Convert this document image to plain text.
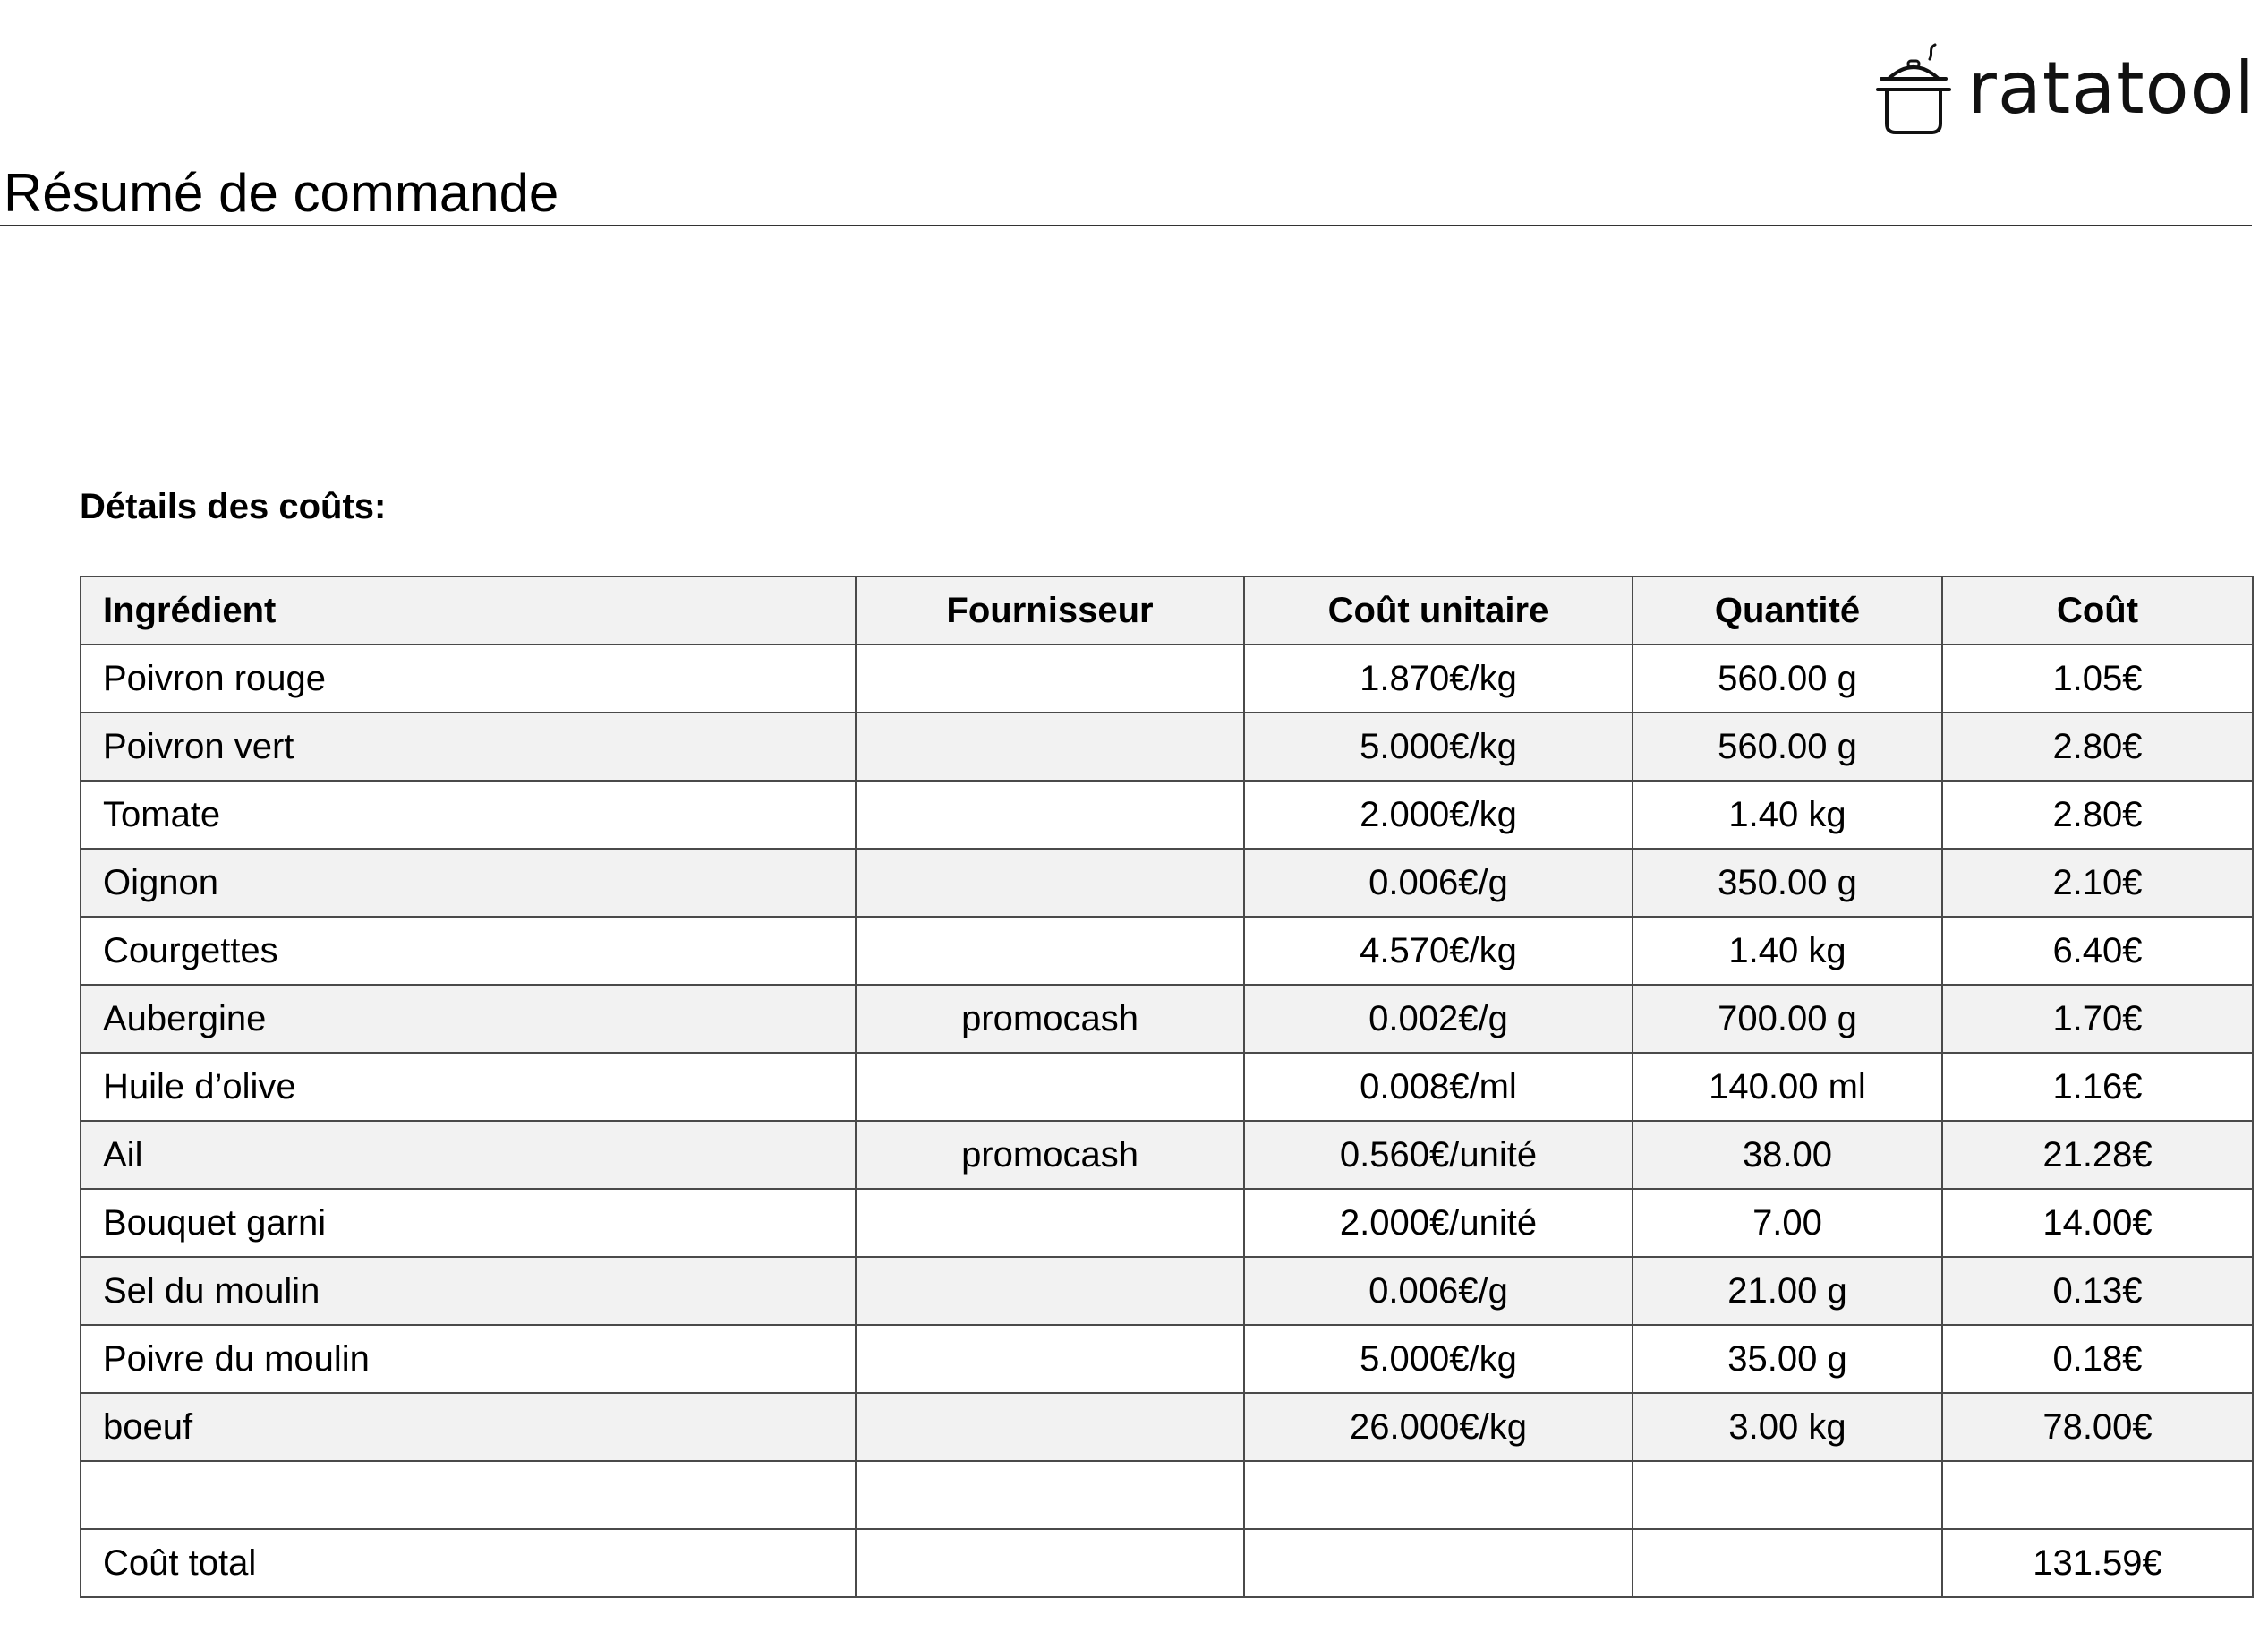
ratatool
Résumé de commande
Détails des coûts:
Ingrédient	Fournisseur	Coût unitaire	Quantité	Coût
Poivron rouge		1.870€/kg	560.00 g	1.05€
Poivron vert		5.000€/kg	560.00 g	2.80€
Tomate		2.000€/kg	1.40 kg	2.80€
Oignon		0.006€/g	350.00 g	2.10€
Courgettes		4.570€/kg	1.40 kg	6.40€
Aubergine	promocash	0.002€/g	700.00 g	1.70€
Huile d’olive		0.008€/ml	140.00 ml	1.16€
Ail	promocash	0.560€/unité	38.00	21.28€
Bouquet garni		2.000€/unité	7.00	14.00€
Sel du moulin		0.006€/g	21.00 g	0.13€
Poivre du moulin		5.000€/kg	35.00 g	0.18€
boeuf		26.000€/kg	3.00 kg	78.00€

Coût total				131.59€
